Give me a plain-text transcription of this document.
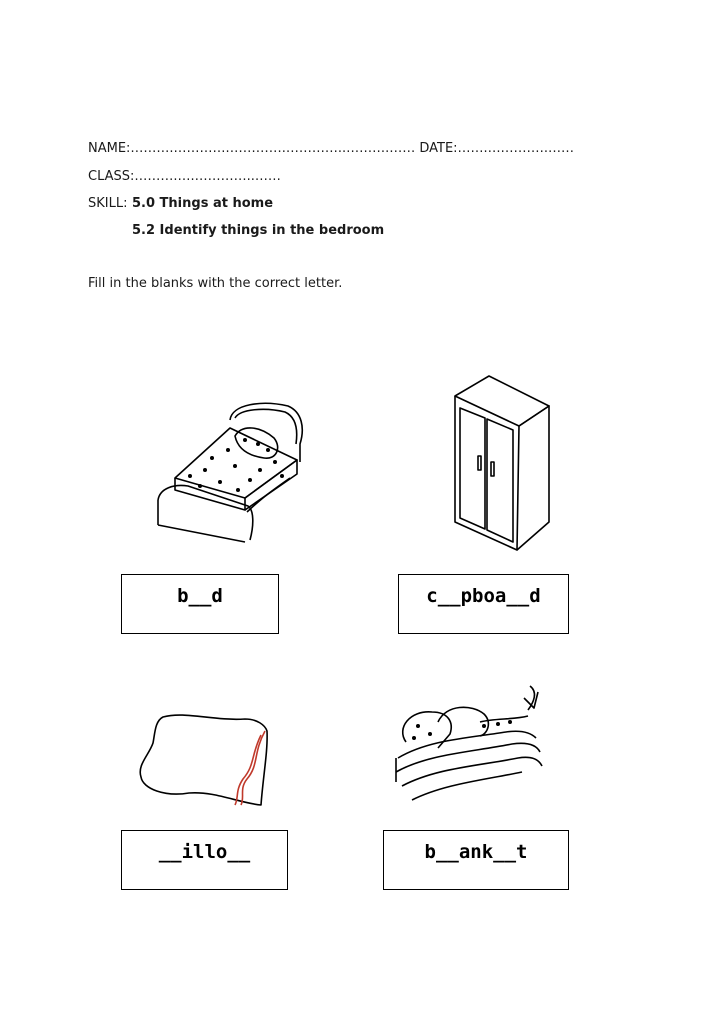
NAME:……….………….………….…………..……….…… DATE:…….….……….……
CLASS:……….….…………..……
SKILL: 5.0 Things at home
5.2 Identify things in the bedroom
Fill in the blanks with the correct letter.
b__d	c__pboa__d
__illo__	b__ank__t
